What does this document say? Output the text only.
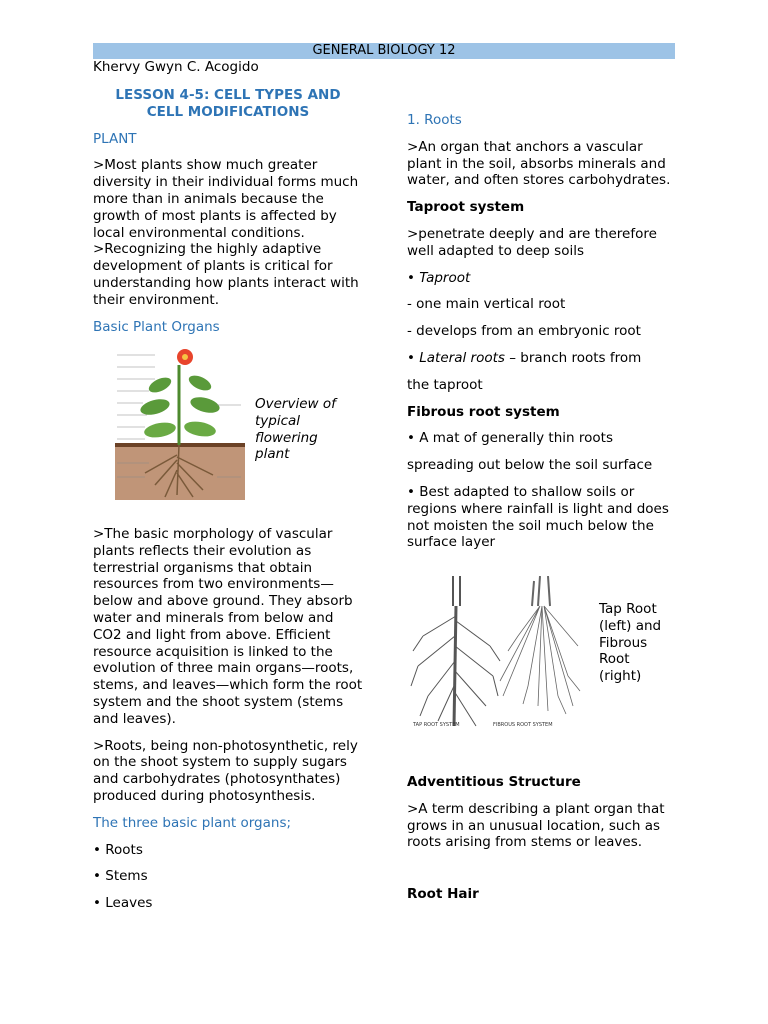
GENERAL BIOLOGY 12
Khervy Gwyn C. Acogido

LESSON 4-5: CELL TYPES AND CELL MODIFICATIONS

PLANT

>Most plants show much greater diversity in their individual forms much more than in animals because the growth of most plants is affected by local environmental conditions.

>Recognizing the highly adaptive development of plants is critical for understanding how plants interact with their environment.

Basic Plant Organs

Overview of typical flowering plant

>The basic morphology of vascular plants reflects their evolution as terrestrial organisms that obtain resources from two environments—below and above ground. They absorb water and minerals from below and CO2 and light from above. Efficient resource acquisition is linked to the evolution of three main organs—roots, stems, and leaves—which form the root system and the shoot system (stems and leaves).

>Roots, being non-photosynthetic, rely on the shoot system to supply sugars and carbohydrates (photosynthates) produced during photosynthesis.

The three basic plant organs;

• Roots

• Stems

• Leaves

1. Roots

>An organ that anchors a vascular plant in the soil, absorbs minerals and water, and often stores carbohydrates.

Taproot system

>penetrate deeply and are therefore well adapted to deep soils

• Taproot

- one main vertical root

- develops from an embryonic root

• Lateral roots – branch roots from

the taproot

Fibrous root system

• A mat of generally thin roots

spreading out below the soil surface

• Best adapted to shallow soils or regions where rainfall is light and does not moisten the soil much below the surface layer

TAP ROOT SYSTEM	FIBROUS ROOT SYSTEM
Tap Root (left) and Fibrous Root (right)

Adventitious Structure

>A term describing a plant organ that grows in an unusual location, such as roots arising from stems or leaves.

Root Hair
